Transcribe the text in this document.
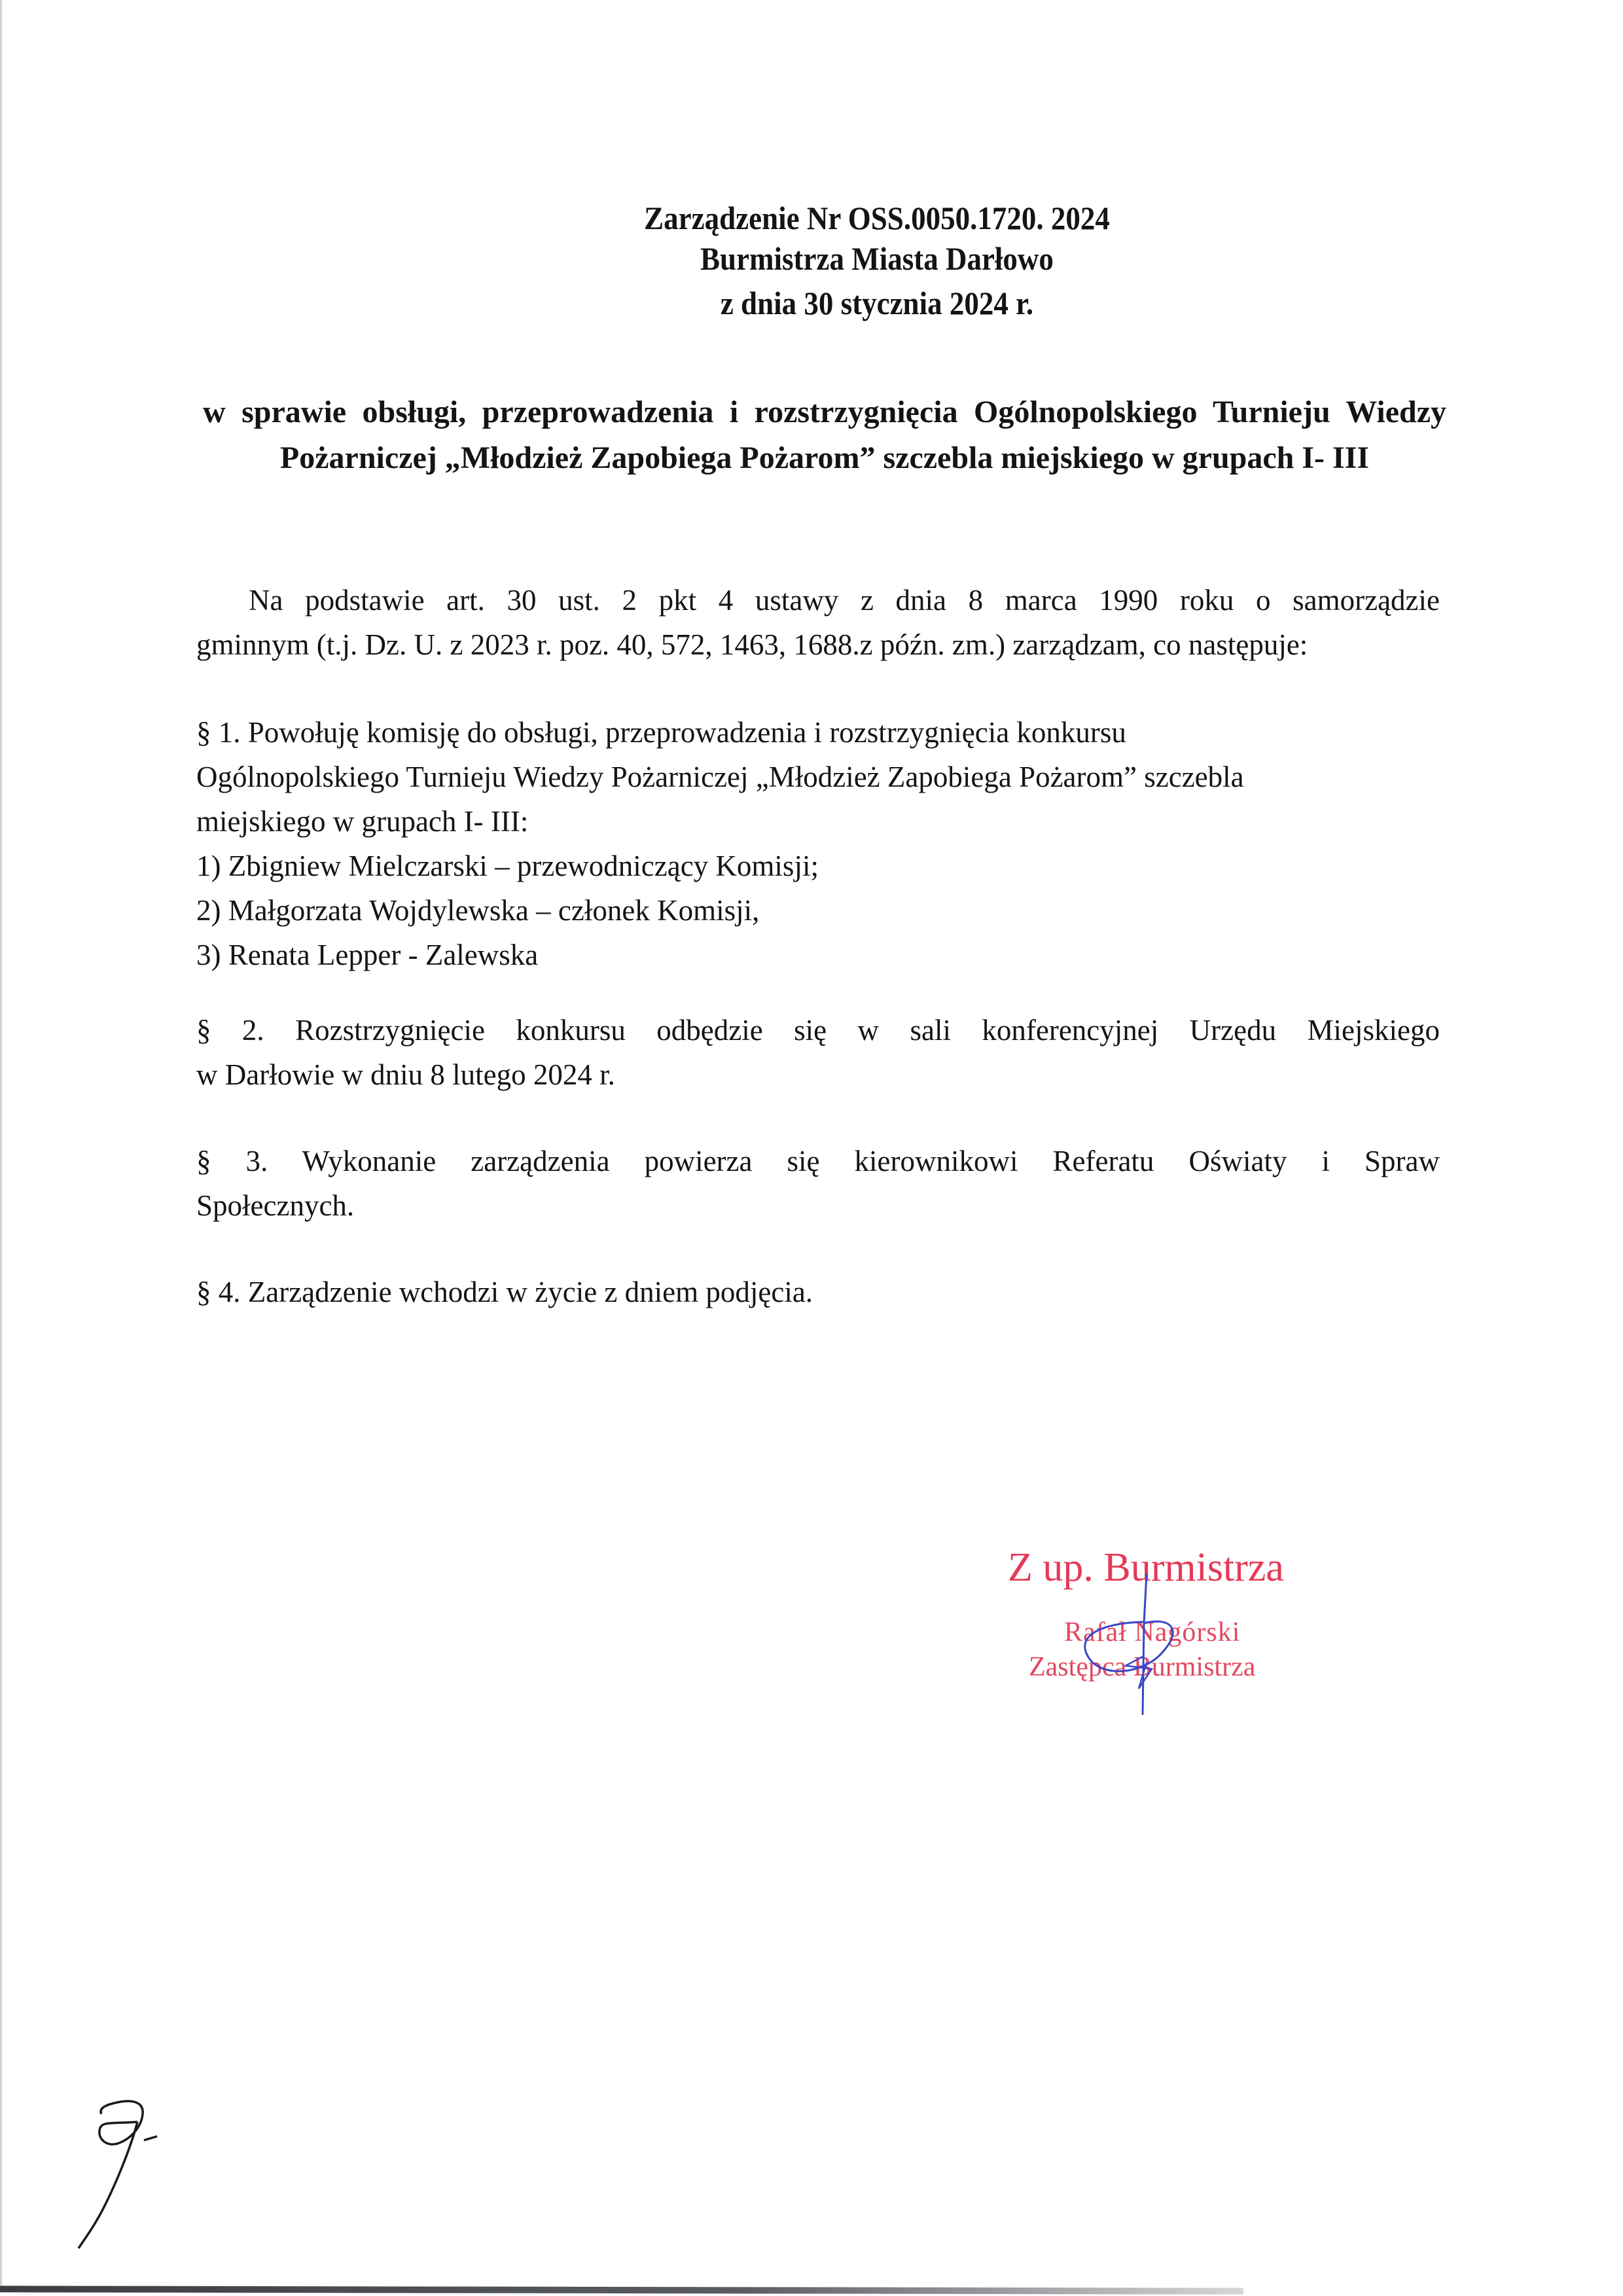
Zarządzenie Nr OSS.0050.1720. 2024
Burmistrza Miasta Darłowo
z dnia 30 stycznia 2024 r.
w sprawie obsługi, przeprowadzenia i rozstrzygnięcia Ogólnopolskiego Turnieju Wiedzy
Pożarniczej „Młodzież Zapobiega Pożarom” szczebla miejskiego w grupach I- III
Na podstawie art. 30 ust. 2 pkt 4 ustawy z dnia 8 marca 1990 roku o samorządzie
gminnym (t.j. Dz. U. z 2023 r. poz. 40, 572, 1463, 1688.z późn. zm.) zarządzam, co następuje:
§ 1. Powołuję komisję do obsługi, przeprowadzenia i rozstrzygnięcia konkursu
Ogólnopolskiego Turnieju Wiedzy Pożarniczej „Młodzież Zapobiega Pożarom” szczebla
miejskiego w grupach I- III:
1) Zbigniew Mielczarski – przewodniczący Komisji;
2) Małgorzata Wojdylewska – członek Komisji,
3) Renata Lepper - Zalewska
§ 2. Rozstrzygnięcie konkursu odbędzie się w sali konferencyjnej Urzędu Miejskiego
w Darłowie w dniu 8 lutego 2024 r.
§ 3. Wykonanie zarządzenia powierza się kierownikowi Referatu Oświaty i Spraw
Społecznych.
§ 4. Zarządzenie wchodzi w życie z dniem podjęcia.
Z up. Burmistrza
Rafał Nagórski
Zastępca Burmistrza
